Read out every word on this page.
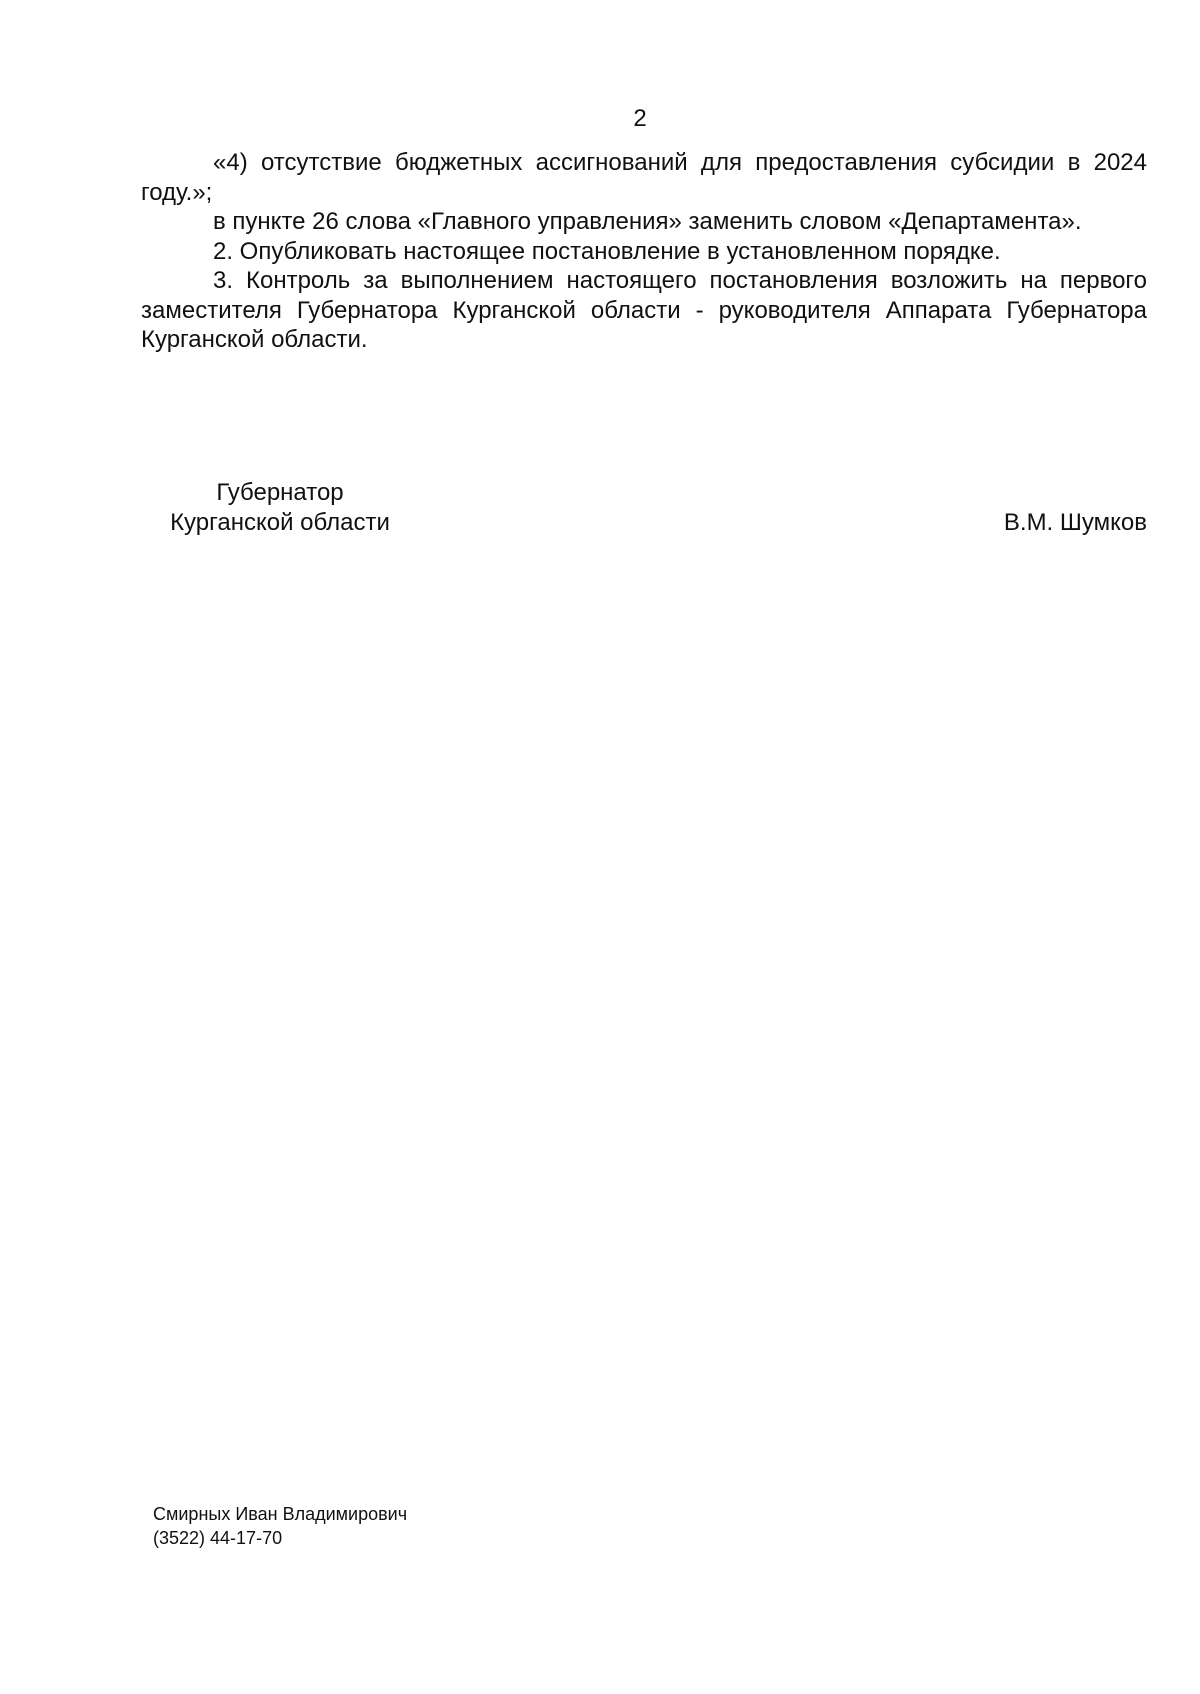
2

«4) отсутствие бюджетных ассигнований для предоставления субсидии в 2024 году.»;

в пункте 26 слова «Главного управления» заменить словом «Департамента».

2. Опубликовать настоящее постановление в установленном порядке.

3. Контроль за выполнением настоящего постановления возложить на первого заместителя Губернатора Курганской области - руководителя Аппарата Губернатора Курганской области.

Губернатор
Курганской области	В.М. Шумков
Смирных Иван Владимирович
(3522) 44-17-70
